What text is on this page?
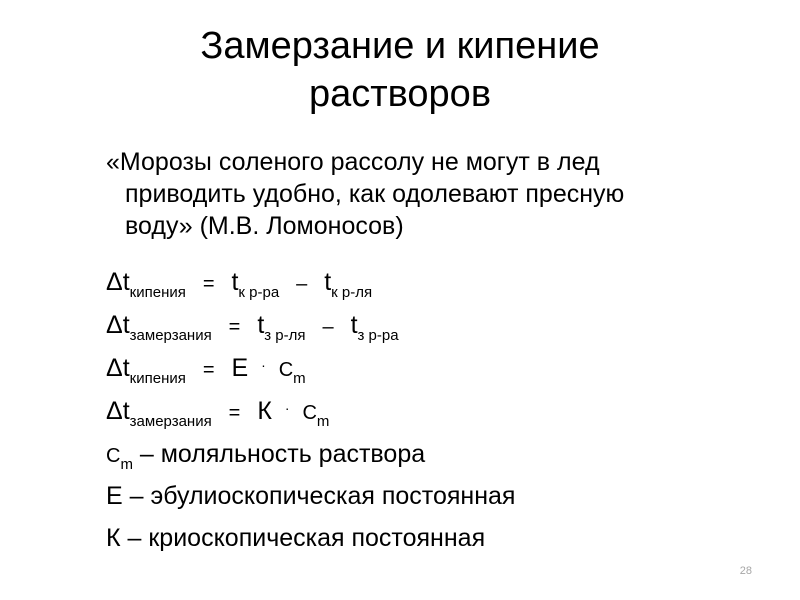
Замерзание и кипение
растворов
«Морозы соленого рассолу не могут в лед
приводить удобно, как одолевают пресную
воду» (М.В. Ломоносов)
$\Delta t_{кипения} = t_{к р-ра} - t_{к р-ля}$
$\Delta t_{замерзания} = t_{з р-ля} - t_{з р-ра}$
$\Delta t_{кипения} = Е \cdot C_m$
$\Delta t_{замерзания} = К \cdot C_m$
$C_m$ – моляльность раствора
Е – эбулиоскопическая постоянная
К – криоскопическая постоянная
28
